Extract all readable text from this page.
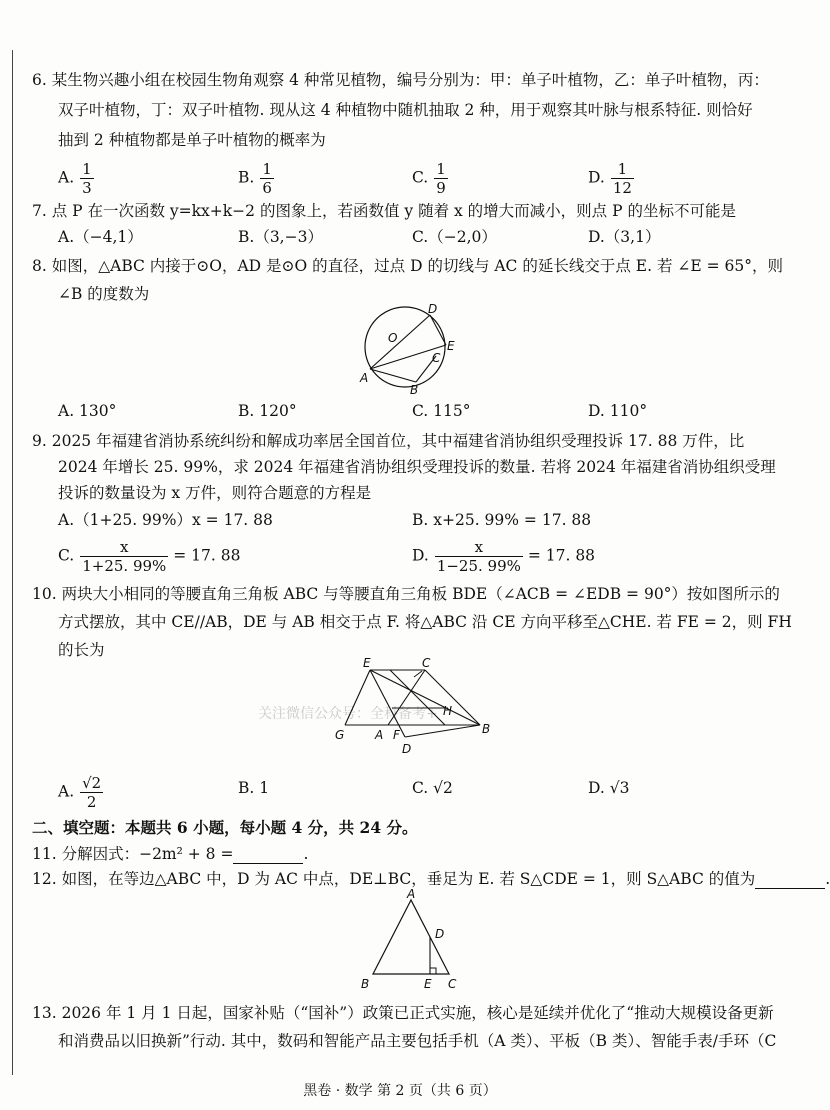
6. 某生物兴趣小组在校园生物角观察 4 种常见植物，编号分别为：甲：单子叶植物，乙：单子叶植物，丙：
双子叶植物，丁：双子叶植物. 现从这 4 种植物中随机抽取 2 种，用于观察其叶脉与根系特征. 则恰好
抽到 2 种植物都是单子叶植物的概率为
A. $\frac{1}{3}$	B. $\frac{1}{6}$	C. $\frac{1}{9}$	D. $\frac{1}{12}$
7. 点 P 在一次函数 y=kx+k−2 的图象上，若函数值 y 随着 x 的增大而减小，则点 P 的坐标不可能是
A.（−4,1）	B.（3,−3）	C.（−2,0）	D.（3,1）
8. 如图，△ABC 内接于⊙O，AD 是⊙O 的直径，过点 D 的切线与 AC 的延长线交于点 E. 若 ∠E = 65°，则
∠B 的度数为
O
D
E
C
A
B
A. 130°	B. 120°	C. 115°	D. 110°
9. 2025 年福建省消协系统纠纷和解成功率居全国首位，其中福建省消协组织受理投诉 17. 88 万件，比
2024 年增长 25. 99%，求 2024 年福建省消协组织受理投诉的数量. 若将 2024 年福建省消协组织受理
投诉的数量设为 x 万件，则符合题意的方程是
A.（1+25. 99%）x = 17. 88	B. x+25. 99% = 17. 88
C. $\frac{x}{1+25. 99\%} = 17$. 88	D. $\frac{x}{1-25. 99\%} = 17$. 88
10. 两块大小相同的等腰直角三角板 ABC 与等腰直角三角板 BDE（∠ACB = ∠EDB = 90°）按如图所示的
方式摆放，其中 CE//AB，DE 与 AB 相交于点 F. 将△ABC 沿 CE 方向平移至△CHE. 若 FE = 2，则 FH
的长为
关注微信公众号：全科备考+
E	C
G	A F
H
B
D
A. $\frac{√2}{2}$	B. 1	C. √2	D. √3
二、填空题：本题共 6 小题，每小题 4 分，共 24 分。
11. 分解因式：−2m² + 8 =	.
12. 如图，在等边△ABC 中，D 为 AC 中点，DE⊥BC，垂足为 E. 若 S△CDE = 1，则 S△ABC 的值为	.
A
D
B	E C
13. 2026 年 1 月 1 日起，国家补贴（“国补”）政策已正式实施，核心是延续并优化了“推动大规模设备更新
和消费品以旧换新”行动. 其中，数码和智能产品主要包括手机（A 类）、平板（B 类）、智能手表/手环（C
黑卷 · 数学 第 2 页（共 6 页）
